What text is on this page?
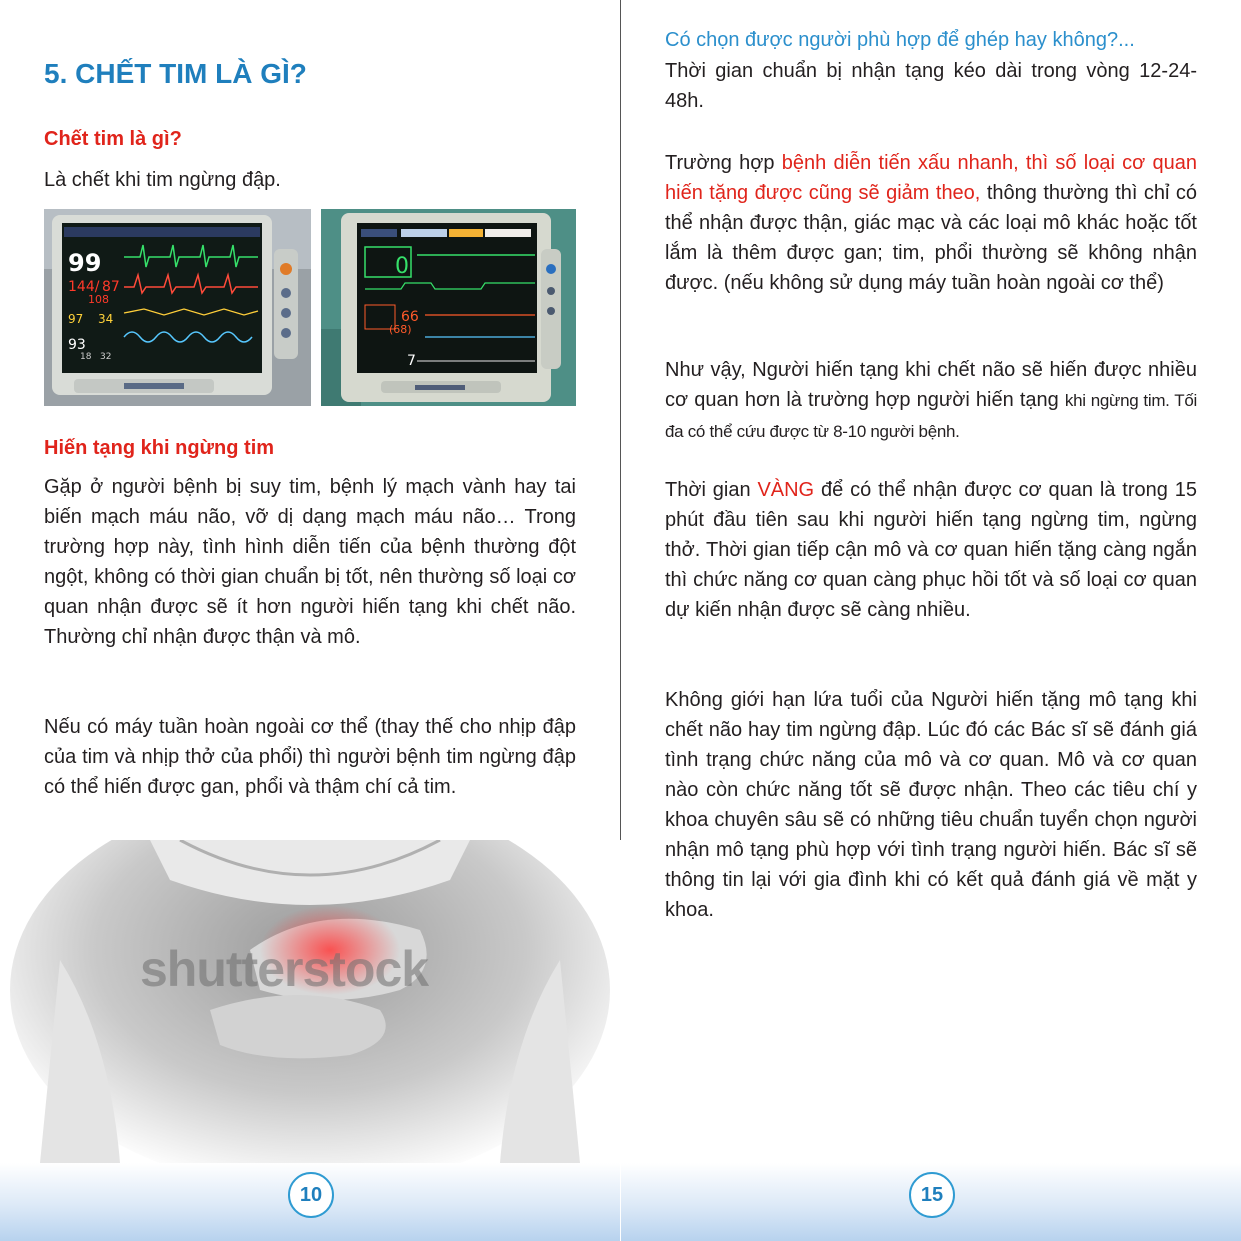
5. CHẾT TIM LÀ GÌ?
Chết tim là gì?

Là chết khi tim ngừng đập.

99
144/ 87
108
97 34
93
18 32
0
66
(68)
7
Hiến tạng khi ngừng tim

Gặp ở người bệnh bị suy tim, bệnh lý mạch vành hay tai biến mạch máu não, vỡ dị dạng mạch máu não… Trong trường hợp này, tình hình diễn tiến của bệnh thường đột ngột, không có thời gian chuẩn bị tốt, nên thường số loại cơ quan nhận được sẽ ít hơn người hiến tạng khi chết não. Thường chỉ nhận được thận và mô.

Nếu có máy tuần hoàn ngoài cơ thể (thay thế cho nhịp đập của tim và nhịp thở của phổi) thì người bệnh tim ngừng đập có thể hiến được gan, phổi và thậm chí cả tim.

shutterstock
10

Có chọn được người phù hợp để ghép hay không?...

Thời gian chuẩn bị nhận tạng kéo dài trong vòng 12-24-48h.

Trường hợp bệnh diễn tiến xấu nhanh, thì số loại cơ quan hiến tặng được cũng sẽ giảm theo, thông thường thì chỉ có thể nhận được thận, giác mạc và các loại mô khác hoặc tốt lắm là thêm được gan; tim, phổi thường sẽ không nhận được. (nếu không sử dụng máy tuần hoàn ngoài cơ thể)

Như vậy, Người hiến tạng khi chết não sẽ hiến được nhiều cơ quan hơn là trường hợp người hiến tạng khi ngừng tim. Tối đa có thể cứu được từ 8-10 người bệnh.

Thời gian VÀNG để có thể nhận được cơ quan là trong 15 phút đầu tiên sau khi người hiến tạng ngừng tim, ngừng thở. Thời gian tiếp cận mô và cơ quan hiến tặng càng ngắn thì chức năng cơ quan càng phục hồi tốt và số loại cơ quan dự kiến nhận được sẽ càng nhiều.

Không giới hạn lứa tuổi của Người hiến tặng mô tạng khi chết não hay tim ngừng đập. Lúc đó các Bác sĩ sẽ đánh giá tình trạng chức năng của mô và cơ quan. Mô và cơ quan nào còn chức năng tốt sẽ được nhận. Theo các tiêu chí y khoa chuyên sâu sẽ có những tiêu chuẩn tuyển chọn người nhận mô tạng phù hợp với tình trạng người hiến. Bác sĩ sẽ thông tin lại với gia đình khi có kết quả đánh giá về mặt y khoa.

15
